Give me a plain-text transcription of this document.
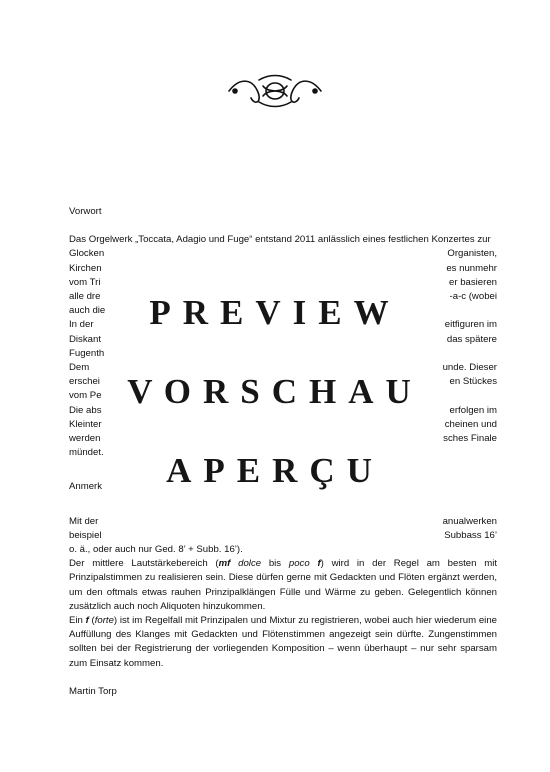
Vorwort

Das Orgelwerk „Toccata, Adagio und Fuge“ entstand 2011 anlässlich eines festlichen Konzertes zur

Glocken	Organisten,

Kirchen	es nunmehr

vom Tri	er basieren

alle dre	-a-c (wobei

auch die

In der	eitfiguren im

Diskant	das spätere

Fugenth

Dem	unde. Dieser

erschei	en Stückes

vom Pe

Die abs	erfolgen im

Kleinter	cheinen und

werden	sches Finale

mündet.

Anmerk

Mit der	anualwerken

beispiel	Subbass 16’

o. ä., oder auch nur Ged. 8’ + Subb. 16’).

Der mittlere Lautstärkebereich (mf dolce bis poco f) wird in der Regel am besten mit Prinzipalstimmen zu realisieren sein. Diese dürfen gerne mit Gedackten und Flöten ergänzt werden, um den oftmals etwas rauhen Prinzipalklängen Fülle und Wärme zu geben. Gelegentlich können zusätzlich auch noch Aliquoten hinzukommen.

Ein f (forte) ist im Regelfall mit Prinzipalen und Mixtur zu registrieren, wobei auch hier wiederum eine Auffüllung des Klanges mit Gedackten und Flötenstimmen angezeigt sein dürfte. Zungenstimmen sollten bei der Registrierung der vorliegenden Komposition – wenn überhaupt – nur sehr sparsam zum Einsatz kommen.

Martin Torp

PREVIEW
VORSCHAU
APERÇU
